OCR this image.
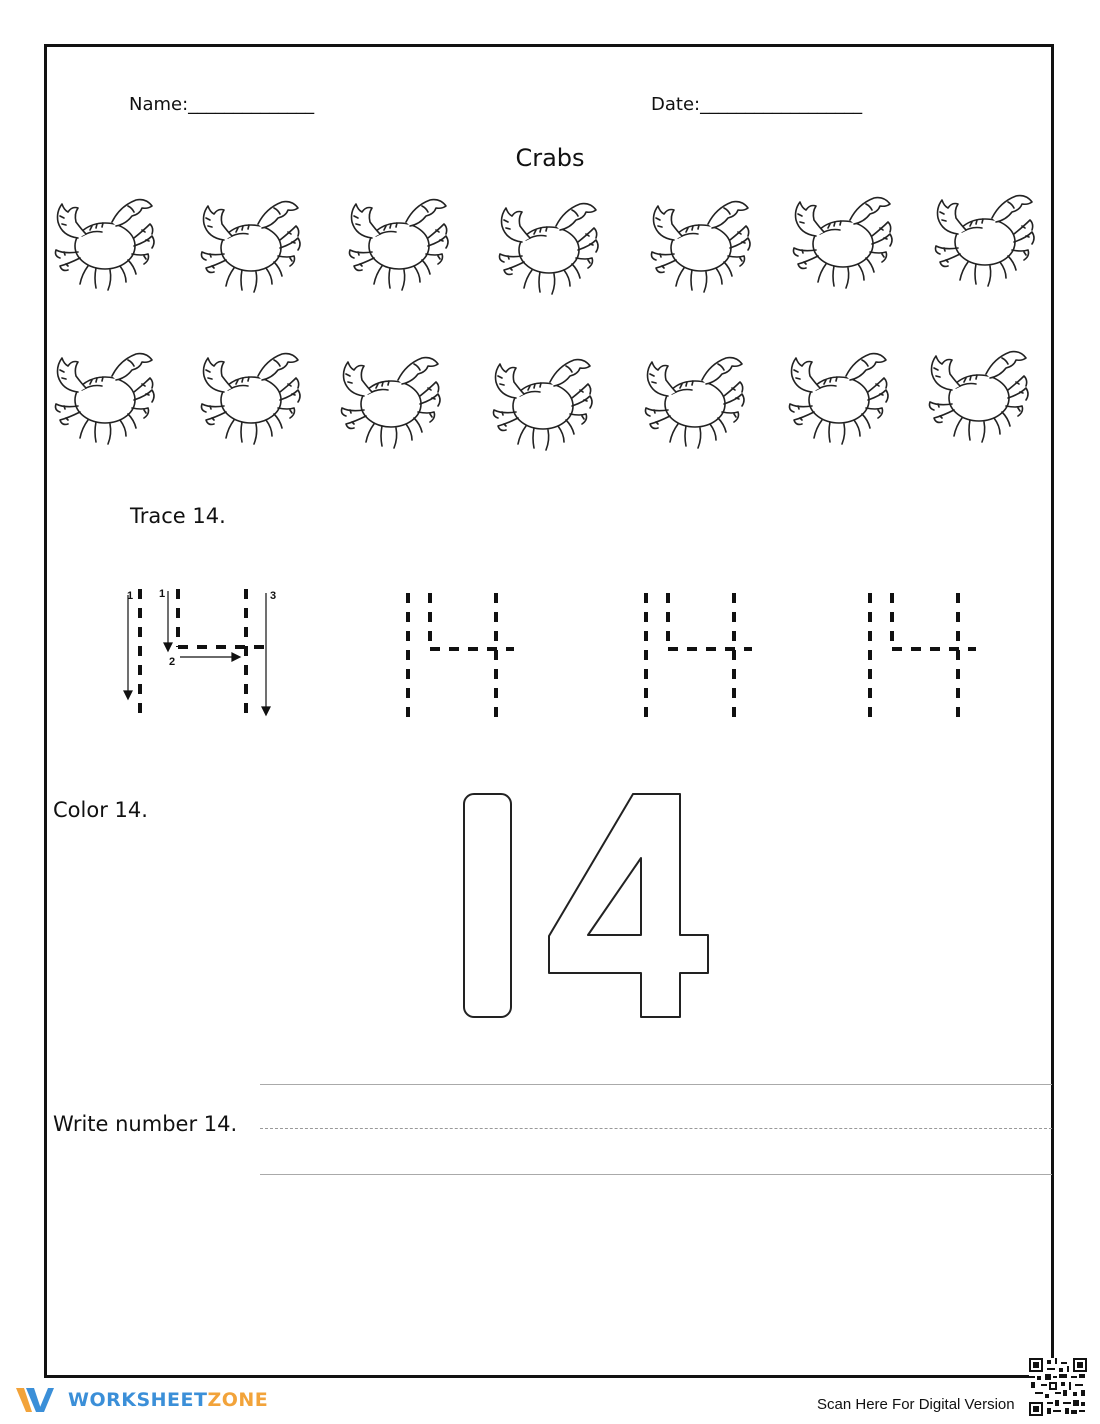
Name:______________	Date:__________________
Crabs
Trace 14.
1 1
2
3
Color 14.
Write number 14.
WORKSHEET ZONE	Scan Here For Digital Version
